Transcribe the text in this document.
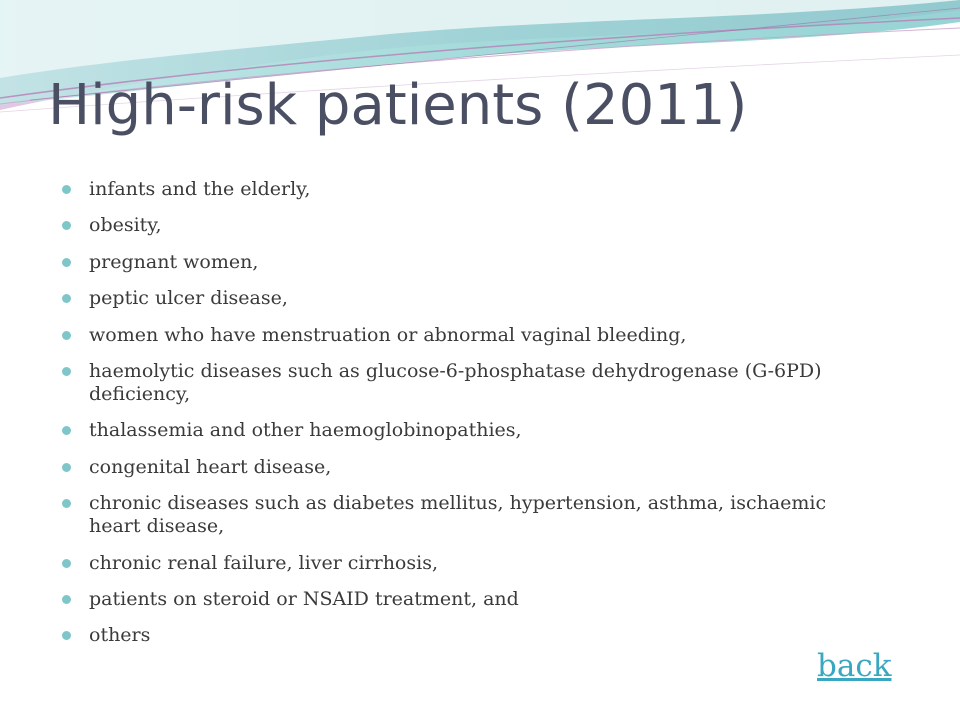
High-risk patients (2011)
infants and the elderly,
obesity,
pregnant women,
peptic ulcer disease,
women who have menstruation or abnormal vaginal bleeding,
haemolytic diseases such as glucose-6-phosphatase dehydrogenase (G-6PD) deficiency,
thalassemia and other haemoglobinopathies,
congenital heart disease,
chronic diseases such as diabetes mellitus, hypertension, asthma, ischaemic heart disease,
chronic renal failure, liver cirrhosis,
patients on steroid or NSAID treatment, and
others
back
